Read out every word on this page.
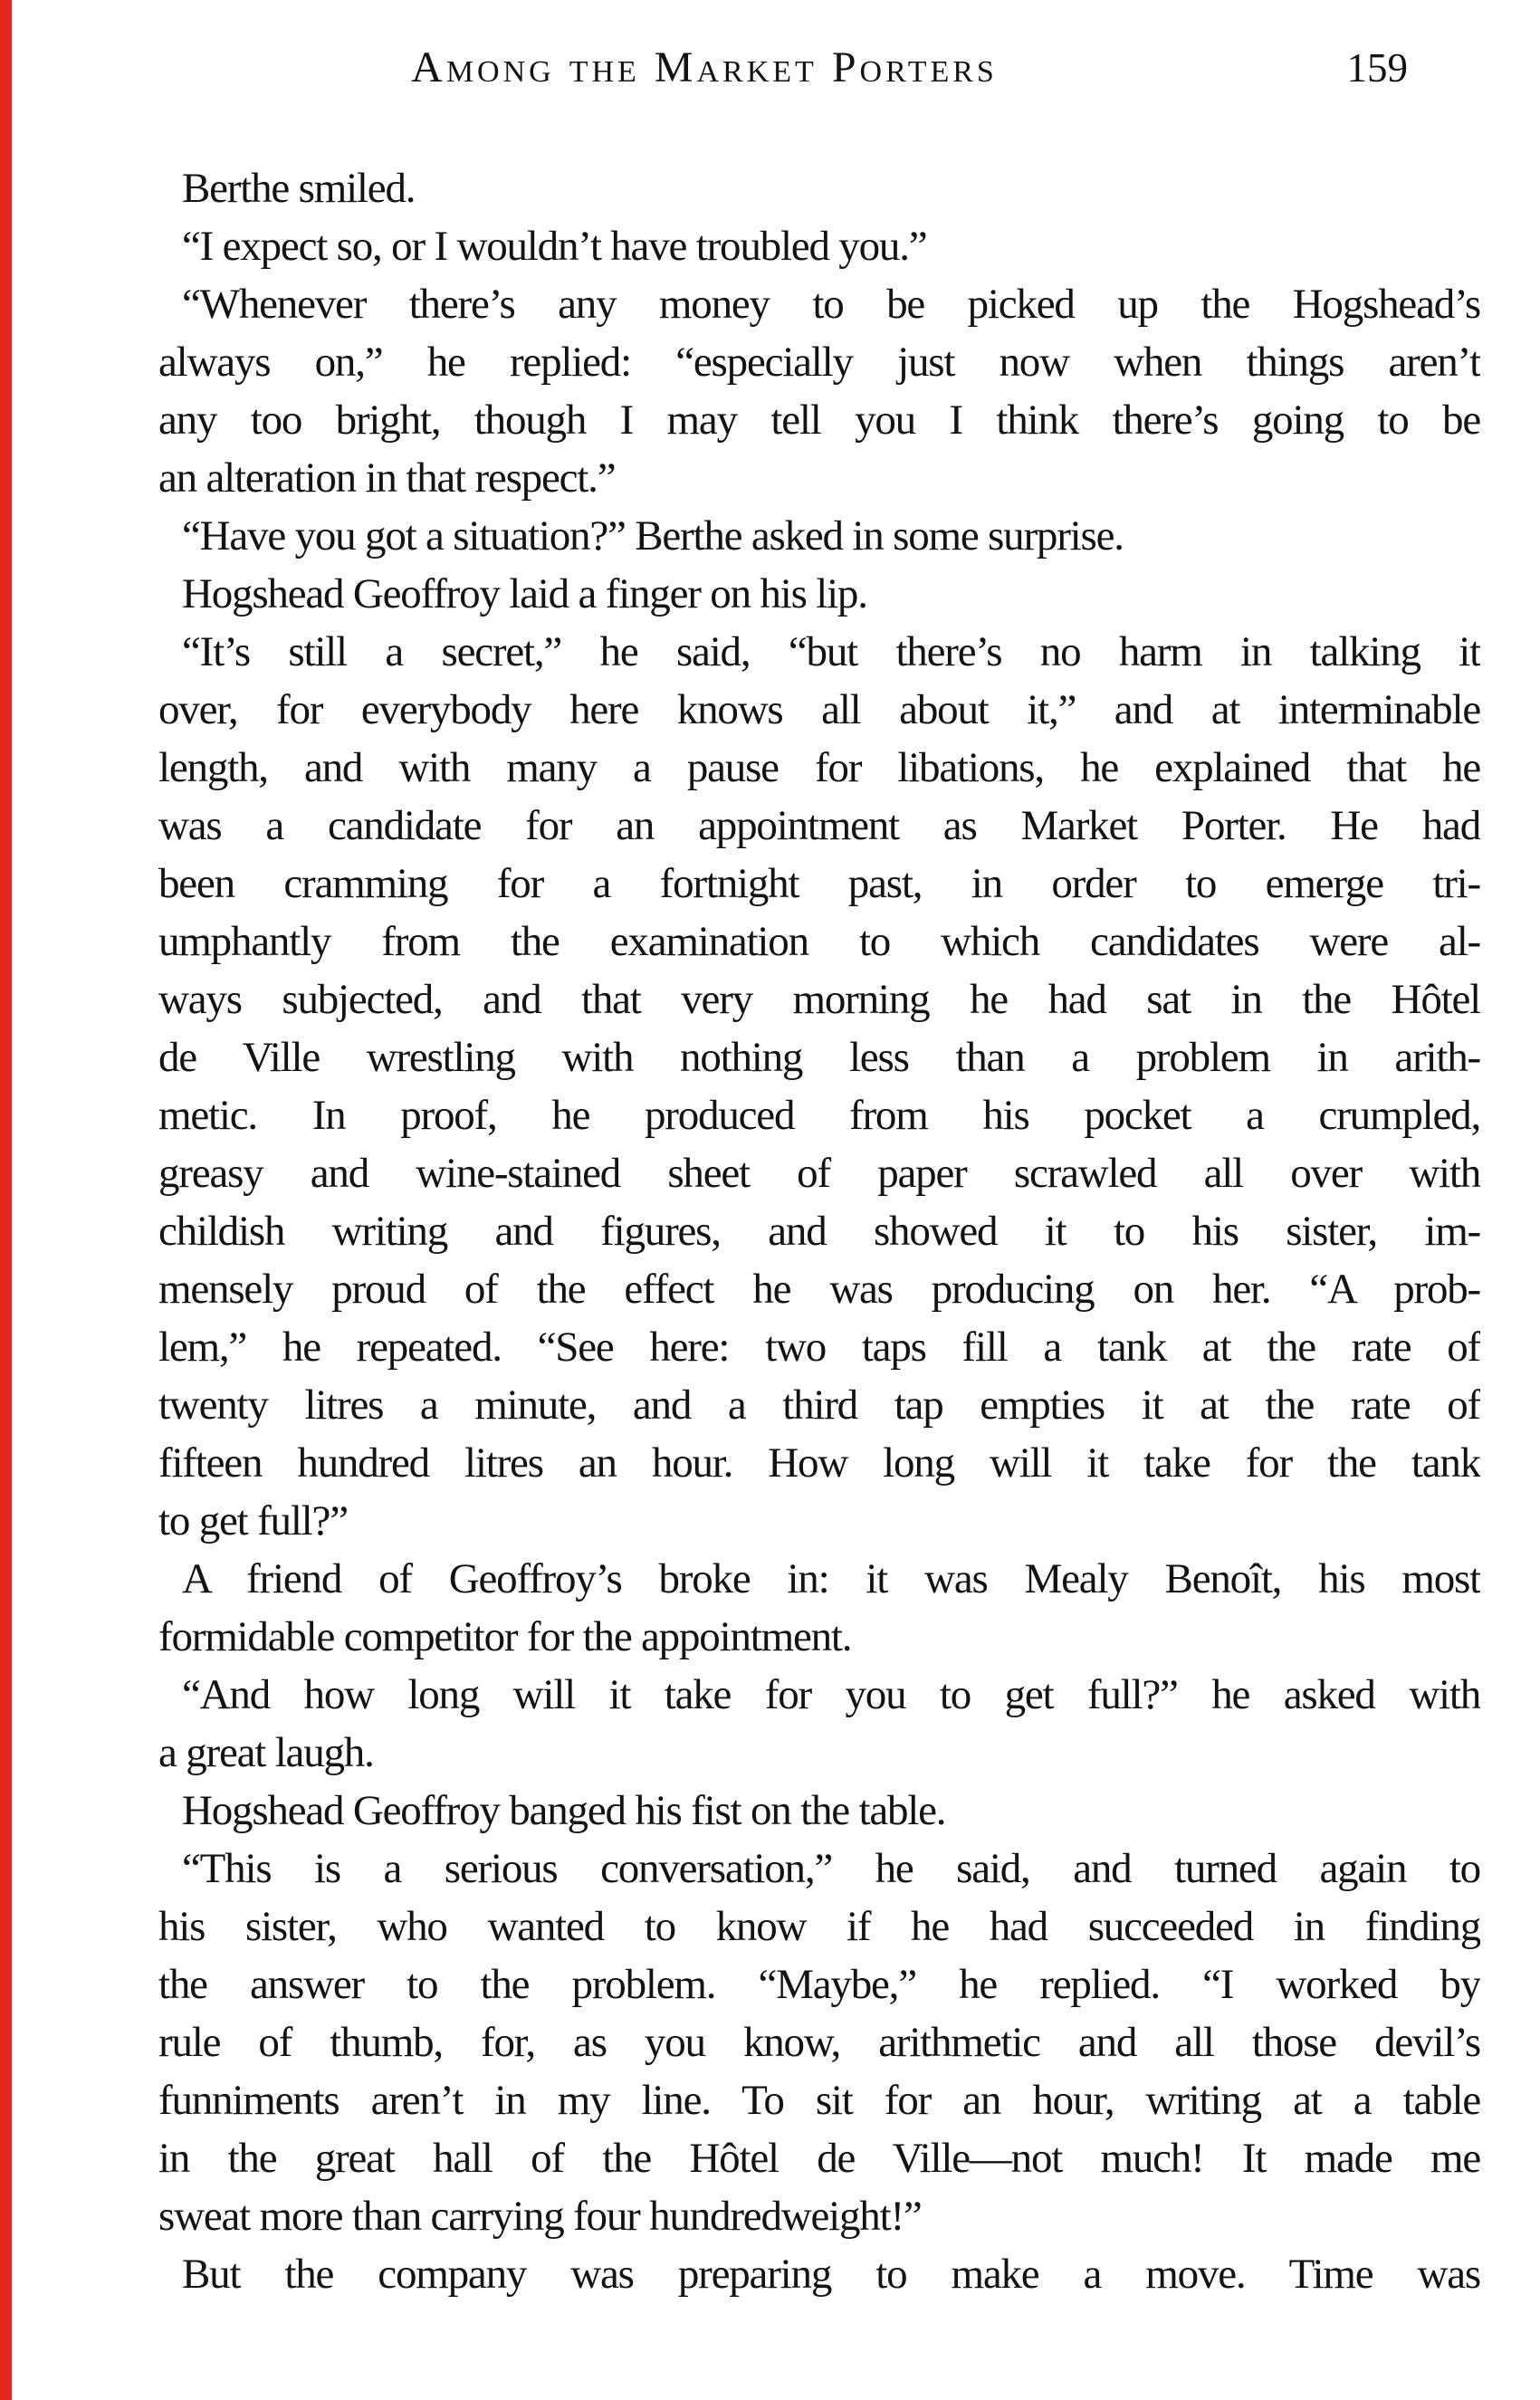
Among the Market Porters	159
Berthe smiled.
“I expect so, or I wouldn’t have troubled you.”
“Whenever there’s any money to be picked up the Hogshead’s
always on,” he replied: “especially just now when things aren’t
any too bright, though I may tell you I think there’s going to be
an alteration in that respect.”
“Have you got a situation?” Berthe asked in some surprise.
Hogshead Geoffroy laid a finger on his lip.
“It’s still a secret,” he said, “but there’s no harm in talking it
over, for everybody here knows all about it,” and at interminable
length, and with many a pause for libations, he explained that he
was a candidate for an appointment as Market Porter. He had
been cramming for a fortnight past, in order to emerge tri-
umphantly from the examination to which candidates were al-
ways subjected, and that very morning he had sat in the Hôtel
de Ville wrestling with nothing less than a problem in arith-
metic. In proof, he produced from his pocket a crumpled,
greasy and wine-stained sheet of paper scrawled all over with
childish writing and figures, and showed it to his sister, im-
mensely proud of the effect he was producing on her. “A prob-
lem,” he repeated. “See here: two taps fill a tank at the rate of
twenty litres a minute, and a third tap empties it at the rate of
fifteen hundred litres an hour. How long will it take for the tank
to get full?”
A friend of Geoffroy’s broke in: it was Mealy Benoît, his most
formidable competitor for the appointment.
“And how long will it take for you to get full?” he asked with
a great laugh.
Hogshead Geoffroy banged his fist on the table.
“This is a serious conversation,” he said, and turned again to
his sister, who wanted to know if he had succeeded in finding
the answer to the problem. “Maybe,” he replied. “I worked by
rule of thumb, for, as you know, arithmetic and all those devil’s
funniments aren’t in my line. To sit for an hour, writing at a table
in the great hall of the Hôtel de Ville—not much! It made me
sweat more than carrying four hundredweight!”
But the company was preparing to make a move. Time was
